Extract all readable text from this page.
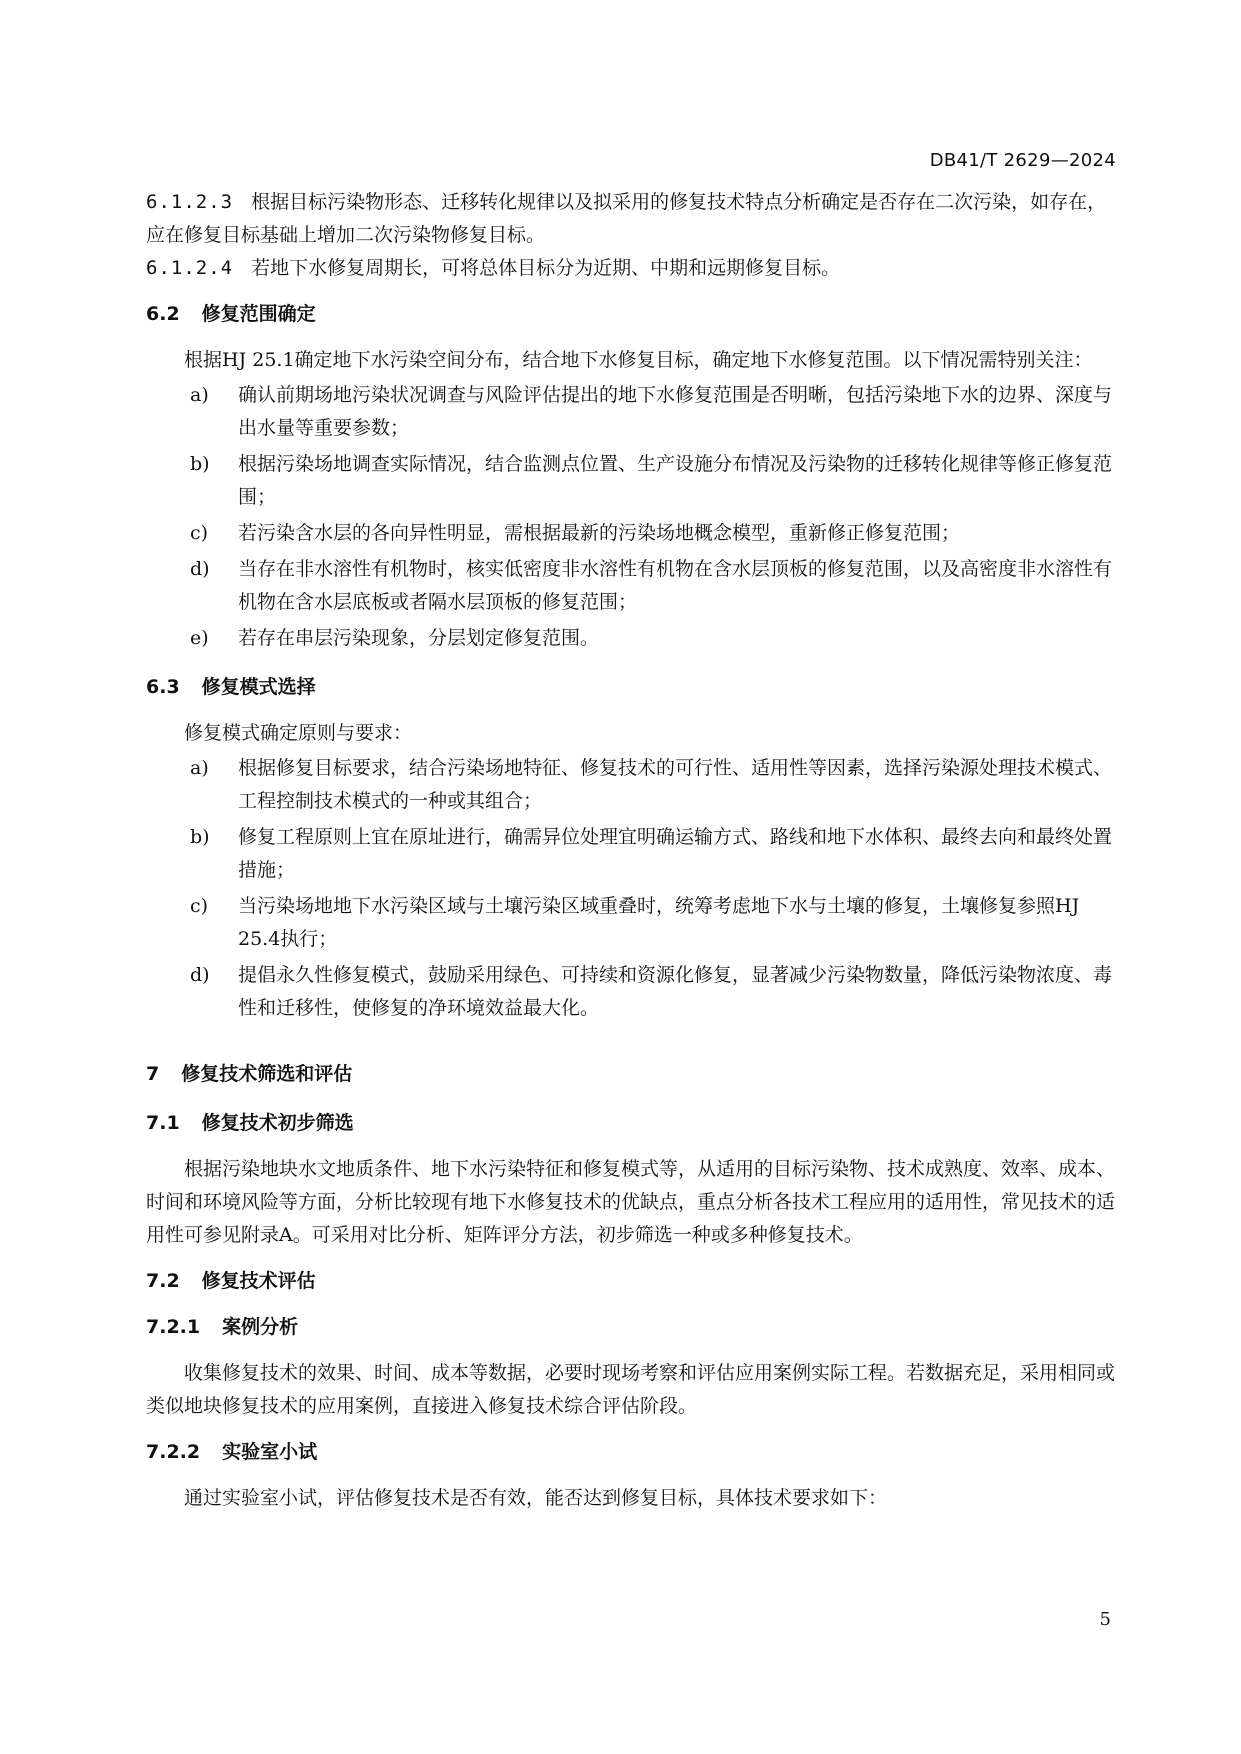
DB41/T 2629—2024

6.1.2.3 根据目标污染物形态、迁移转化规律以及拟采用的修复技术特点分析确定是否存在二次污染，如存在，应在修复目标基础上增加二次污染物修复目标。

6.1.2.4 若地下水修复周期长，可将总体目标分为近期、中期和远期修复目标。

6.2 修复范围确定

根据HJ 25.1确定地下水污染空间分布，结合地下水修复目标，确定地下水修复范围。以下情况需特别关注：

a) 确认前期场地污染状况调查与风险评估提出的地下水修复范围是否明晰，包括污染地下水的边界、深度与出水量等重要参数；
b) 根据污染场地调查实际情况，结合监测点位置、生产设施分布情况及污染物的迁移转化规律等修正修复范围；
c) 若污染含水层的各向异性明显，需根据最新的污染场地概念模型，重新修正修复范围；
d) 当存在非水溶性有机物时，核实低密度非水溶性有机物在含水层顶板的修复范围，以及高密度非水溶性有机物在含水层底板或者隔水层顶板的修复范围；
e) 若存在串层污染现象，分层划定修复范围。

6.3 修复模式选择

修复模式确定原则与要求：

a) 根据修复目标要求，结合污染场地特征、修复技术的可行性、适用性等因素，选择污染源处理技术模式、工程控制技术模式的一种或其组合；
b) 修复工程原则上宜在原址进行，确需异位处理宜明确运输方式、路线和地下水体积、最终去向和最终处置措施；
c) 当污染场地地下水污染区域与土壤污染区域重叠时，统筹考虑地下水与土壤的修复，土壤修复参照HJ 25.4执行；
d) 提倡永久性修复模式，鼓励采用绿色、可持续和资源化修复，显著减少污染物数量，降低污染物浓度、毒性和迁移性，使修复的净环境效益最大化。

7 修复技术筛选和评估

7.1 修复技术初步筛选

根据污染地块水文地质条件、地下水污染特征和修复模式等，从适用的目标污染物、技术成熟度、效率、成本、时间和环境风险等方面，分析比较现有地下水修复技术的优缺点，重点分析各技术工程应用的适用性，常见技术的适用性可参见附录A。可采用对比分析、矩阵评分方法，初步筛选一种或多种修复技术。

7.2 修复技术评估

7.2.1 案例分析

收集修复技术的效果、时间、成本等数据，必要时现场考察和评估应用案例实际工程。若数据充足，采用相同或类似地块修复技术的应用案例，直接进入修复技术综合评估阶段。

7.2.2 实验室小试

通过实验室小试，评估修复技术是否有效，能否达到修复目标，具体技术要求如下：

5
